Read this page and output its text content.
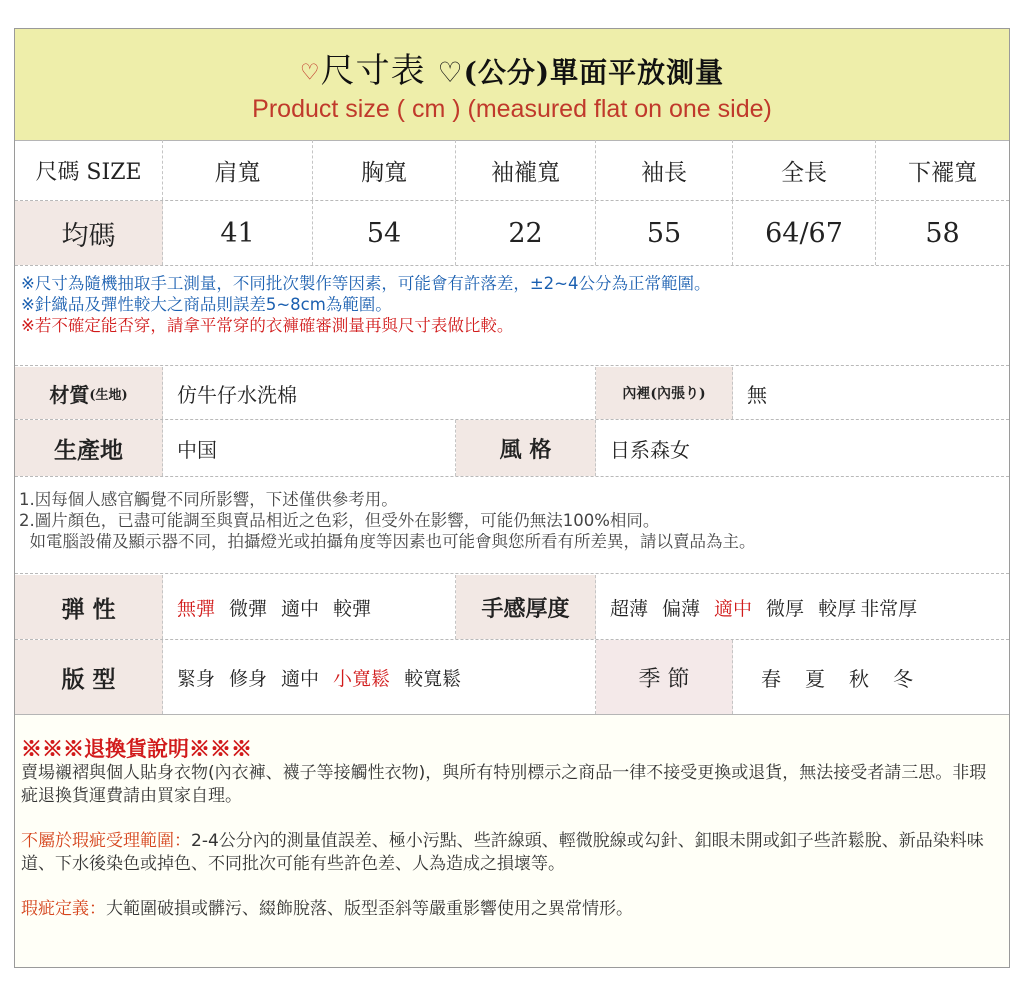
♡尺寸表 ♡(公分)單面平放測量
Product size ( cm ) (measured flat on one side)
尺碼 SIZE	肩寬	胸寬	袖襱寬	袖長	全長	下襬寬
均碼	41	54	22	55	64/67	58
※尺寸為隨機抽取手工測量，不同批次製作等因素，可能會有許落差，±2~4公分為正常範圍。
※針織品及彈性較大之商品則誤差5~8cm為範圍。
※若不確定能否穿，請拿平常穿的衣褲確審測量再與尺寸表做比較。
材質 (生地)	仿牛仔水洗棉	內裡(內張り)	無
生產地	中国	風 格	日系森女
1.因每個人感官觸覺不同所影響，下述僅供參考用。
2.圖片顏色，已盡可能調至與賣品相近之色彩，但受外在影響，可能仍無法100%相同。
如電腦設備及顯示器不同，拍攝燈光或拍攝角度等因素也可能會與您所看有所差異，請以賣品為主。
弾 性	無彈 微彈 適中 較彈	手感厚度	超薄 偏薄 適中 微厚 較厚 非常厚
版 型	緊身 修身 適中 小寬鬆 較寬鬆	季 節	春 夏 秋 冬
※※※退換貨說明※※※

賣場襯褶與個人貼身衣物(內衣褲、襪子等接觸性衣物)，與所有特別標示之商品一律不接受更換或退貨，無法接受者請三思。非瑕疵退換貨運費請由買家自理。

不屬於瑕疵受理範圍：2-4公分內的測量值誤差、極小污點、些許線頭、輕微脫線或勾針、釦眼未開或釦子些許鬆脫、新品染料味道、下水後染色或掉色、不同批次可能有些許色差、人為造成之損壞等。

瑕疵定義：大範圍破損或髒污、綴飾脫落、版型歪斜等嚴重影響使用之異常情形。
